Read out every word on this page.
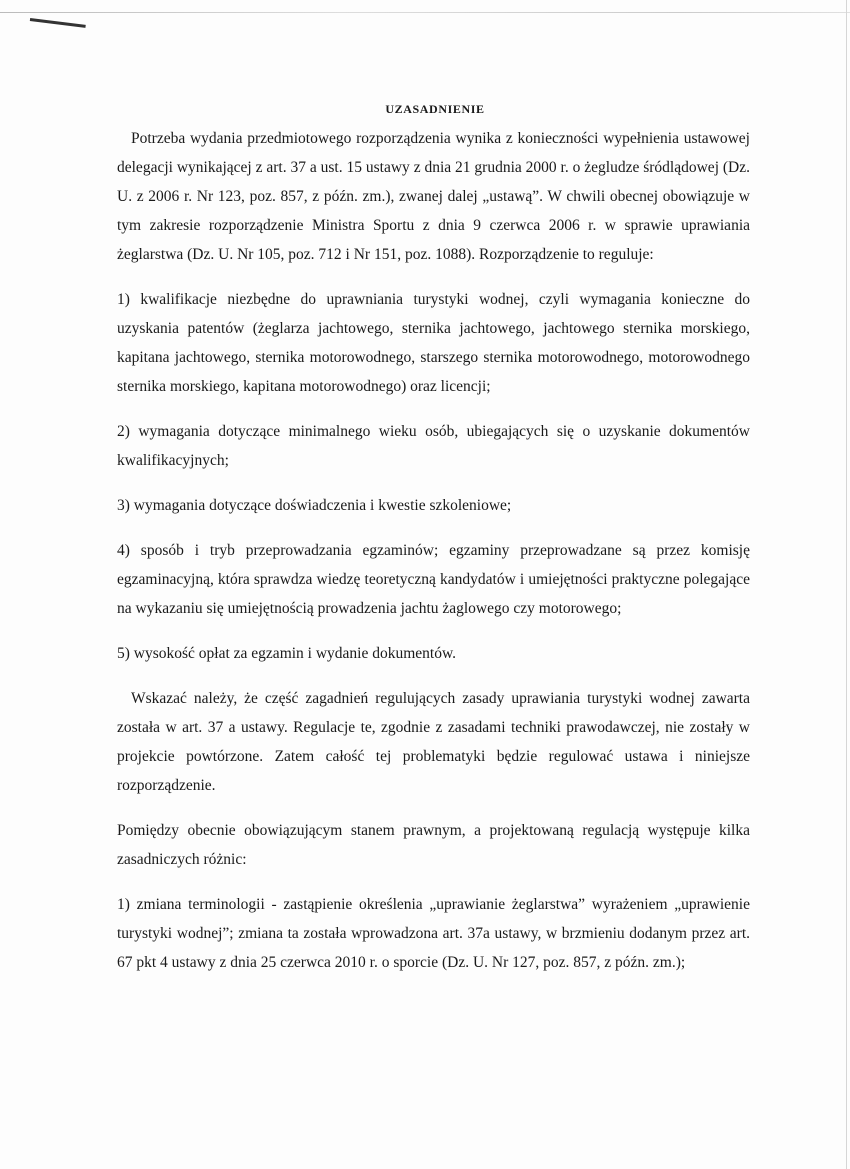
UZASADNIENIE

Potrzeba wydania przedmiotowego rozporządzenia wynika z konieczności wypełnienia ustawowej delegacji wynikającej z art. 37 a ust. 15 ustawy z dnia 21 grudnia 2000 r. o żegludze śródlądowej (Dz. U. z 2006 r. Nr 123, poz. 857, z późn. zm.), zwanej dalej „ustawą”. W chwili obecnej obowiązuje w tym zakresie rozporządzenie Ministra Sportu z dnia 9 czerwca 2006 r. w sprawie uprawiania żeglarstwa (Dz. U. Nr 105, poz. 712 i Nr 151, poz. 1088). Rozporządzenie to reguluje:

1) kwalifikacje niezbędne do uprawniania turystyki wodnej, czyli wymagania konieczne do uzyskania patentów (żeglarza jachtowego, sternika jachtowego, jachtowego sternika morskiego, kapitana jachtowego, sternika motorowodnego, starszego sternika motorowodnego, motorowodnego sternika morskiego, kapitana motorowodnego) oraz licencji;

2) wymagania dotyczące minimalnego wieku osób, ubiegających się o uzyskanie dokumentów kwalifikacyjnych;

3) wymagania dotyczące doświadczenia i kwestie szkoleniowe;

4) sposób i tryb przeprowadzania egzaminów; egzaminy przeprowadzane są przez komisję egzaminacyjną, która sprawdza wiedzę teoretyczną kandydatów i umiejętności praktyczne polegające na wykazaniu się umiejętnością prowadzenia jachtu żaglowego czy motorowego;

5) wysokość opłat za egzamin i wydanie dokumentów.

Wskazać należy, że część zagadnień regulujących zasady uprawiania turystyki wodnej zawarta została w art. 37 a ustawy. Regulacje te, zgodnie z zasadami techniki prawodawczej, nie zostały w projekcie powtórzone. Zatem całość tej problematyki będzie regulować ustawa i niniejsze rozporządzenie.

Pomiędzy obecnie obowiązującym stanem prawnym, a projektowaną regulacją występuje kilka zasadniczych różnic:

1) zmiana terminologii - zastąpienie określenia „uprawianie żeglarstwa” wyrażeniem „uprawienie turystyki wodnej”; zmiana ta została wprowadzona art. 37a ustawy, w brzmieniu dodanym przez art. 67 pkt 4 ustawy z dnia 25 czerwca 2010 r. o sporcie (Dz. U. Nr 127, poz. 857, z późn. zm.);
